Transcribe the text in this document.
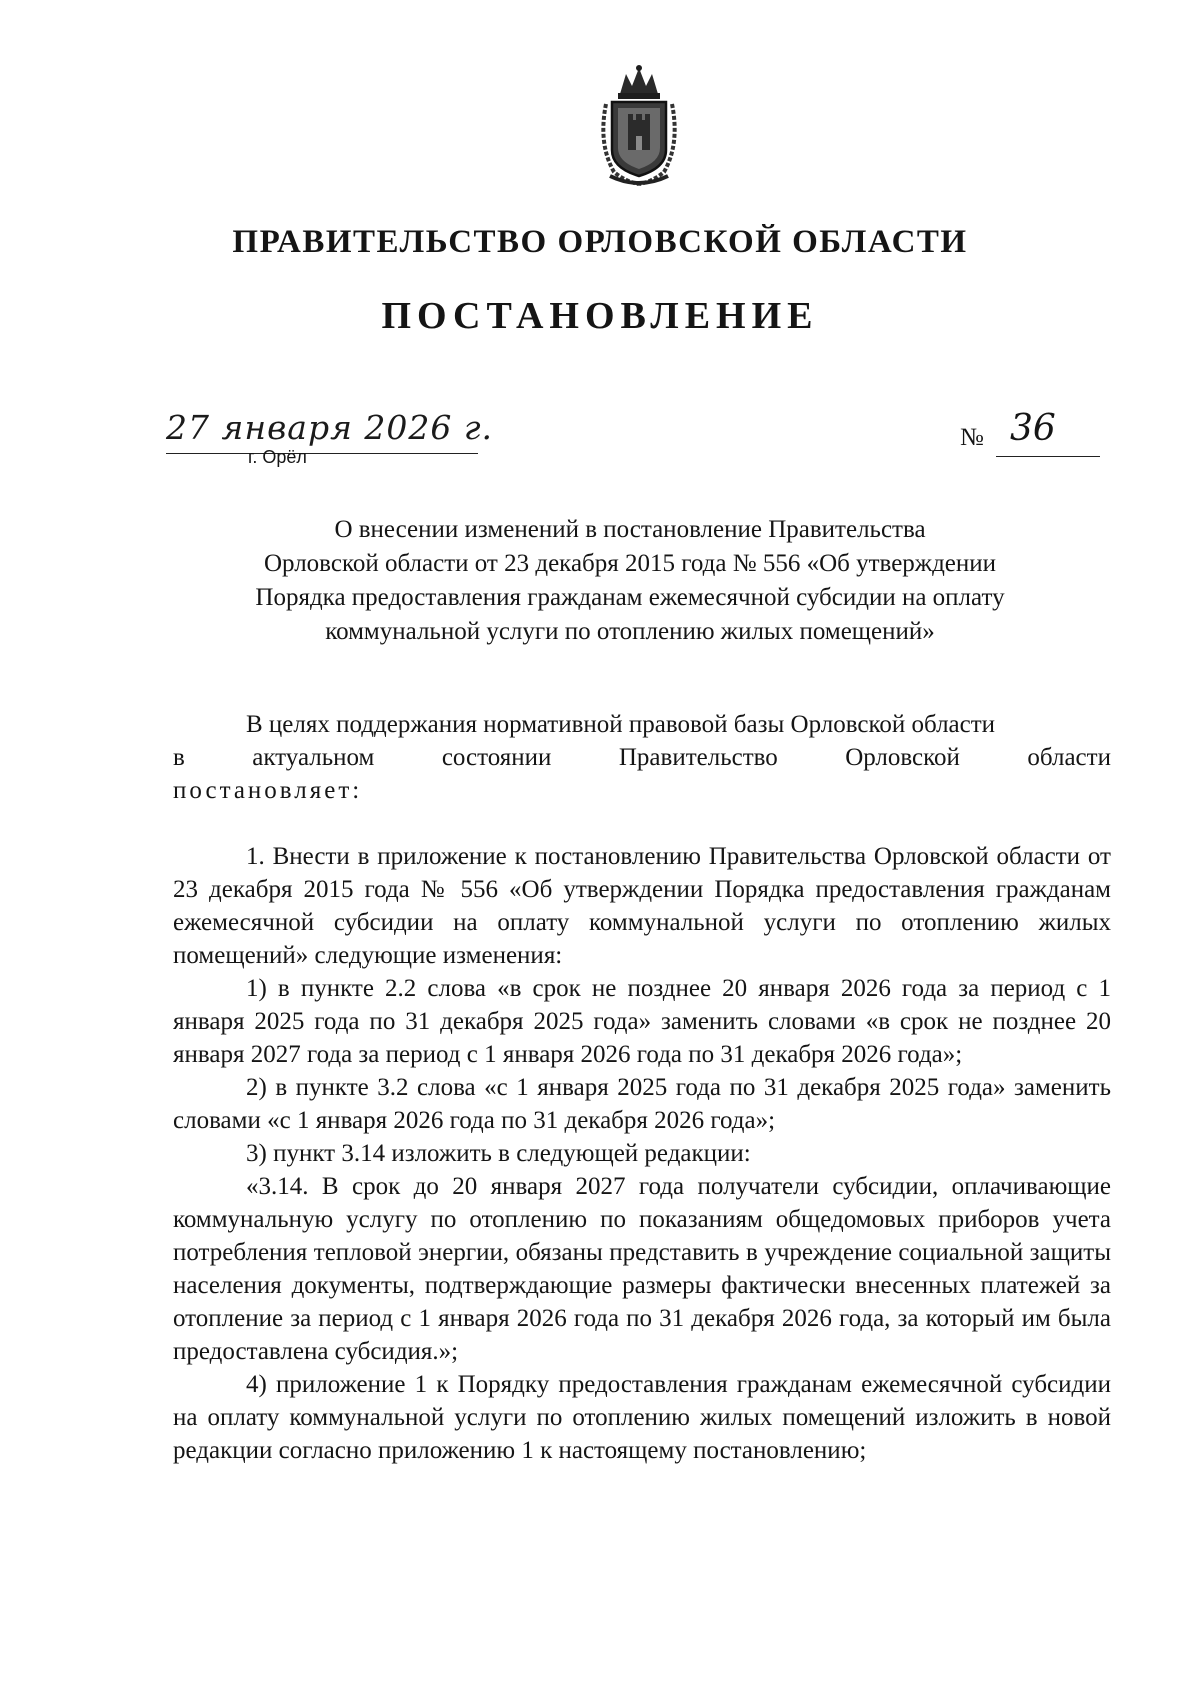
ПРАВИТЕЛЬСТВО ОРЛОВСКОЙ ОБЛАСТИ
ПОСТАНОВЛЕНИЕ

27 января 2026 г.

г. Орёл

№ 36

О внесении изменений в постановление Правительства
Орловской области от 23 декабря 2015 года № 556 «Об утверждении
Порядка предоставления гражданам ежемесячной субсидии на оплату
коммунальной услуги по отоплению жилых помещений»

В целях поддержания нормативной правовой базы Орловской области

в	актуальном	состоянии	Правительство	Орловской	области
постановляет:

1. Внести в приложение к постановлению Правительства Орловской области от 23 декабря 2015 года № 556 «Об утверждении Порядка предоставления гражданам ежемесячной субсидии на оплату коммунальной услуги по отоплению жилых помещений» следующие изменения:

1) в пункте 2.2 слова «в срок не позднее 20 января 2026 года за период с 1 января 2025 года по 31 декабря 2025 года» заменить словами «в срок не позднее 20 января 2027 года за период с 1 января 2026 года по 31 декабря 2026 года»;

2) в пункте 3.2 слова «с 1 января 2025 года по 31 декабря 2025 года» заменить словами «с 1 января 2026 года по 31 декабря 2026 года»;

3) пункт 3.14 изложить в следующей редакции:

«3.14. В срок до 20 января 2027 года получатели субсидии, оплачивающие коммунальную услугу по отоплению по показаниям общедомовых приборов учета потребления тепловой энергии, обязаны представить в учреждение социальной защиты населения документы, подтверждающие размеры фактически внесенных платежей за отопление за период с 1 января 2026 года по 31 декабря 2026 года, за который им была предоставлена субсидия.»;

4) приложение 1 к Порядку предоставления гражданам ежемесячной субсидии на оплату коммунальной услуги по отоплению жилых помещений изложить в новой редакции согласно приложению 1 к настоящему постановлению;
